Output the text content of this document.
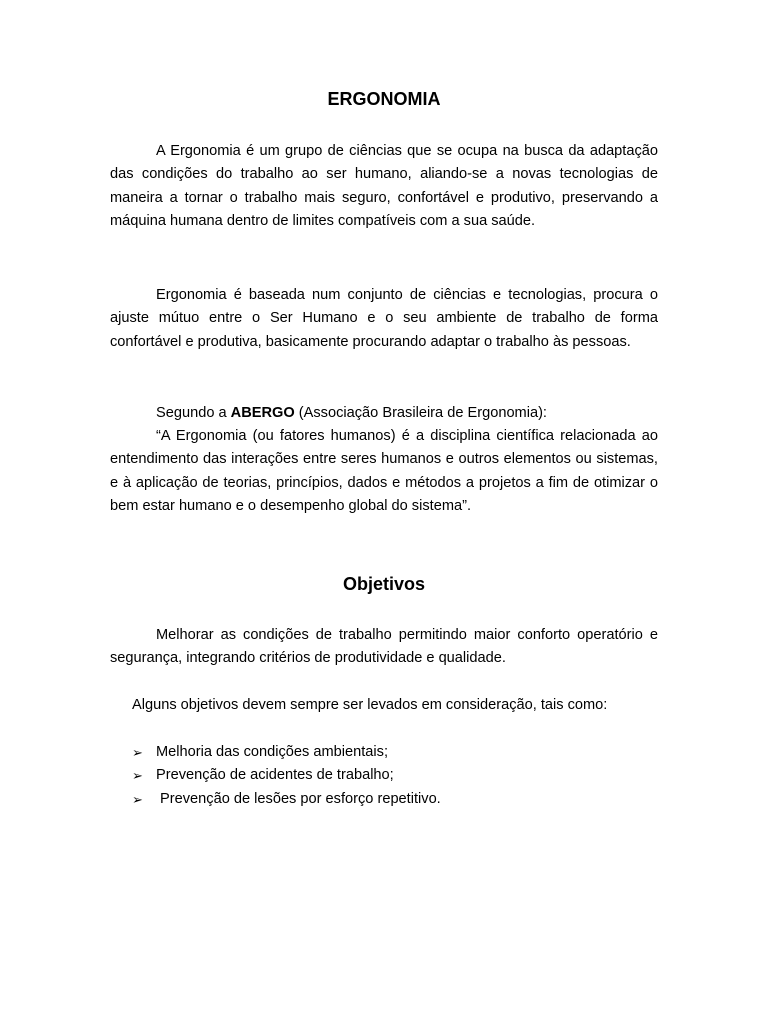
ERGONOMIA

A Ergonomia é um grupo de ciências que se ocupa na busca da adaptação das condições do trabalho ao ser humano, aliando-se a novas tecnologias de maneira a tornar o trabalho mais seguro, confortável e produtivo, preservando a máquina humana dentro de limites compatíveis com a sua saúde.

Ergonomia é baseada num conjunto de ciências e tecnologias, procura o ajuste mútuo entre o Ser Humano e o seu ambiente de trabalho de forma confortável e produtiva, basicamente procurando adaptar o trabalho às pessoas.

Segundo a ABERGO (Associação Brasileira de Ergonomia):

“A Ergonomia (ou fatores humanos) é a disciplina científica relacionada ao entendimento das interações entre seres humanos e outros elementos ou sistemas, e à aplicação de teorias, princípios, dados e métodos a projetos a fim de otimizar o bem estar humano e o desempenho global do sistema”.

Objetivos

Melhorar as condições de trabalho permitindo maior conforto operatório e segurança, integrando critérios de produtividade e qualidade.

Alguns objetivos devem sempre ser levados em consideração, tais como:

➢ Melhoria das condições ambientais;
➢ Prevenção de acidentes de trabalho;
➢ Prevenção de lesões por esforço repetitivo.
